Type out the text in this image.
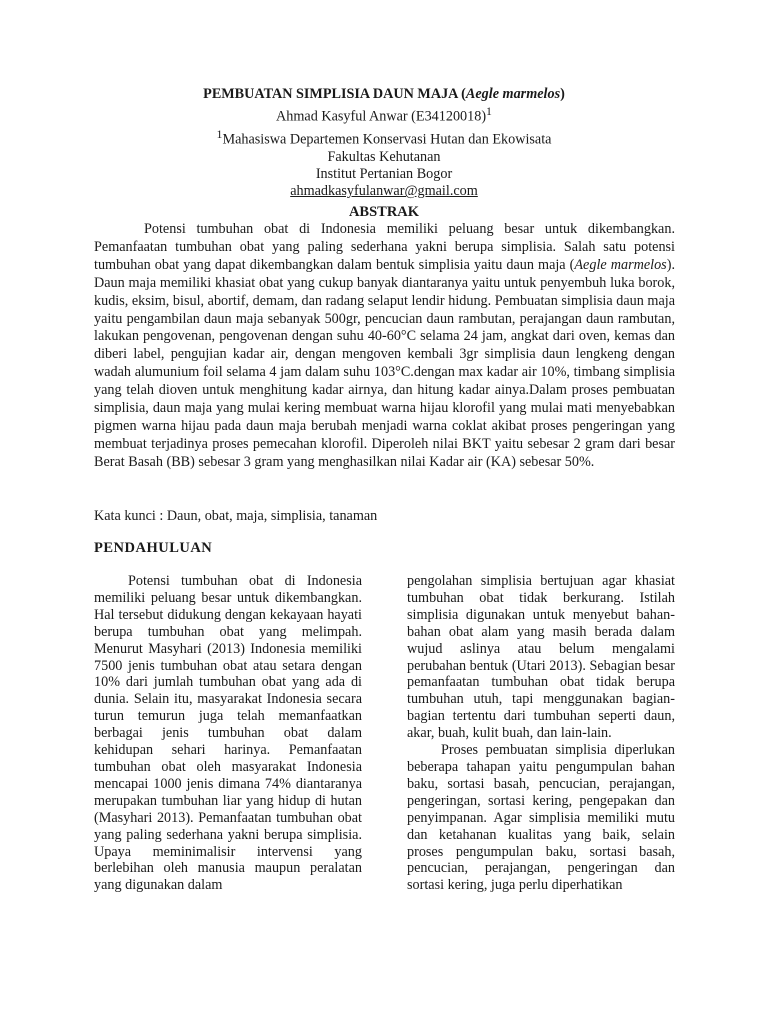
PEMBUATAN SIMPLISIA DAUN MAJA (Aegle marmelos)
Ahmad Kasyful Anwar $(E34120018)^1$
$^1$Mahasiswa Departemen Konservasi Hutan dan Ekowisata
Fakultas Kehutanan
Institut Pertanian Bogor
ahmadkasyfulanwar@gmail.com
ABSTRAK

Potensi tumbuhan obat di Indonesia memiliki peluang besar untuk dikembangkan. Pemanfaatan tumbuhan obat yang paling sederhana yakni berupa simplisia. Salah satu potensi tumbuhan obat yang dapat dikembangkan dalam bentuk simplisia yaitu daun maja (Aegle marmelos). Daun maja memiliki khasiat obat yang cukup banyak diantaranya yaitu untuk penyembuh luka borok, kudis, eksim, bisul, abortif, demam, dan radang selaput lendir hidung. Pembuatan simplisia daun maja yaitu pengambilan daun maja sebanyak 500gr, pencucian daun rambutan, perajangan daun rambutan, lakukan pengovenan, pengovenan dengan suhu 40-60°C selama 24 jam, angkat dari oven, kemas dan diberi label, pengujian kadar air, dengan mengoven kembali 3gr simplisia daun lengkeng dengan wadah alumunium foil selama 4 jam dalam suhu 103°C.dengan max kadar air 10%, timbang simplisia yang telah dioven untuk menghitung kadar airnya, dan hitung kadar ainya.Dalam proses pembuatan simplisia, daun maja yang mulai kering membuat warna hijau klorofil yang mulai mati menyebabkan pigmen warna hijau pada daun maja berubah menjadi warna coklat akibat proses pengeringan yang membuat terjadinya proses pemecahan klorofil. Diperoleh nilai BKT yaitu sebesar 2 gram dari besar Berat Basah (BB) sebesar 3 gram yang menghasilkan nilai Kadar air (KA) sebesar 50%.

Kata kunci : Daun, obat, maja, simplisia, tanaman

PENDAHULUAN

Potensi tumbuhan obat di Indonesia memiliki peluang besar untuk dikembangkan. Hal tersebut didukung dengan kekayaan hayati berupa tumbuhan obat yang melimpah. Menurut Masyhari (2013) Indonesia memiliki 7500 jenis tumbuhan obat atau setara dengan 10% dari jumlah tumbuhan obat yang ada di dunia. Selain itu, masyarakat Indonesia secara turun temurun juga telah memanfaatkan berbagai jenis tumbuhan obat dalam kehidupan sehari harinya. Pemanfaatan tumbuhan obat oleh masyarakat Indonesia mencapai 1000 jenis dimana 74% diantaranya merupakan tumbuhan liar yang hidup di hutan (Masyhari 2013). Pemanfaatan tumbuhan obat yang paling sederhana yakni berupa simplisia. Upaya meminimalisir intervensi yang berlebihan oleh manusia maupun peralatan yang digunakan dalam

pengolahan simplisia bertujuan agar khasiat tumbuhan obat tidak berkurang. Istilah simplisia digunakan untuk menyebut bahan-bahan obat alam yang masih berada dalam wujud aslinya atau belum mengalami perubahan bentuk (Utari 2013). Sebagian besar pemanfaatan tumbuhan obat tidak berupa tumbuhan utuh, tapi menggunakan bagian-bagian tertentu dari tumbuhan seperti daun, akar, buah, kulit buah, dan lain-lain.

Proses pembuatan simplisia diperlukan beberapa tahapan yaitu pengumpulan bahan baku, sortasi basah, pencucian, perajangan, pengeringan, sortasi kering, pengepakan dan penyimpanan. Agar simplisia memiliki mutu dan ketahanan kualitas yang baik, selain proses pengumpulan baku, sortasi basah, pencucian, perajangan, pengeringan dan sortasi kering, juga perlu diperhatikan
